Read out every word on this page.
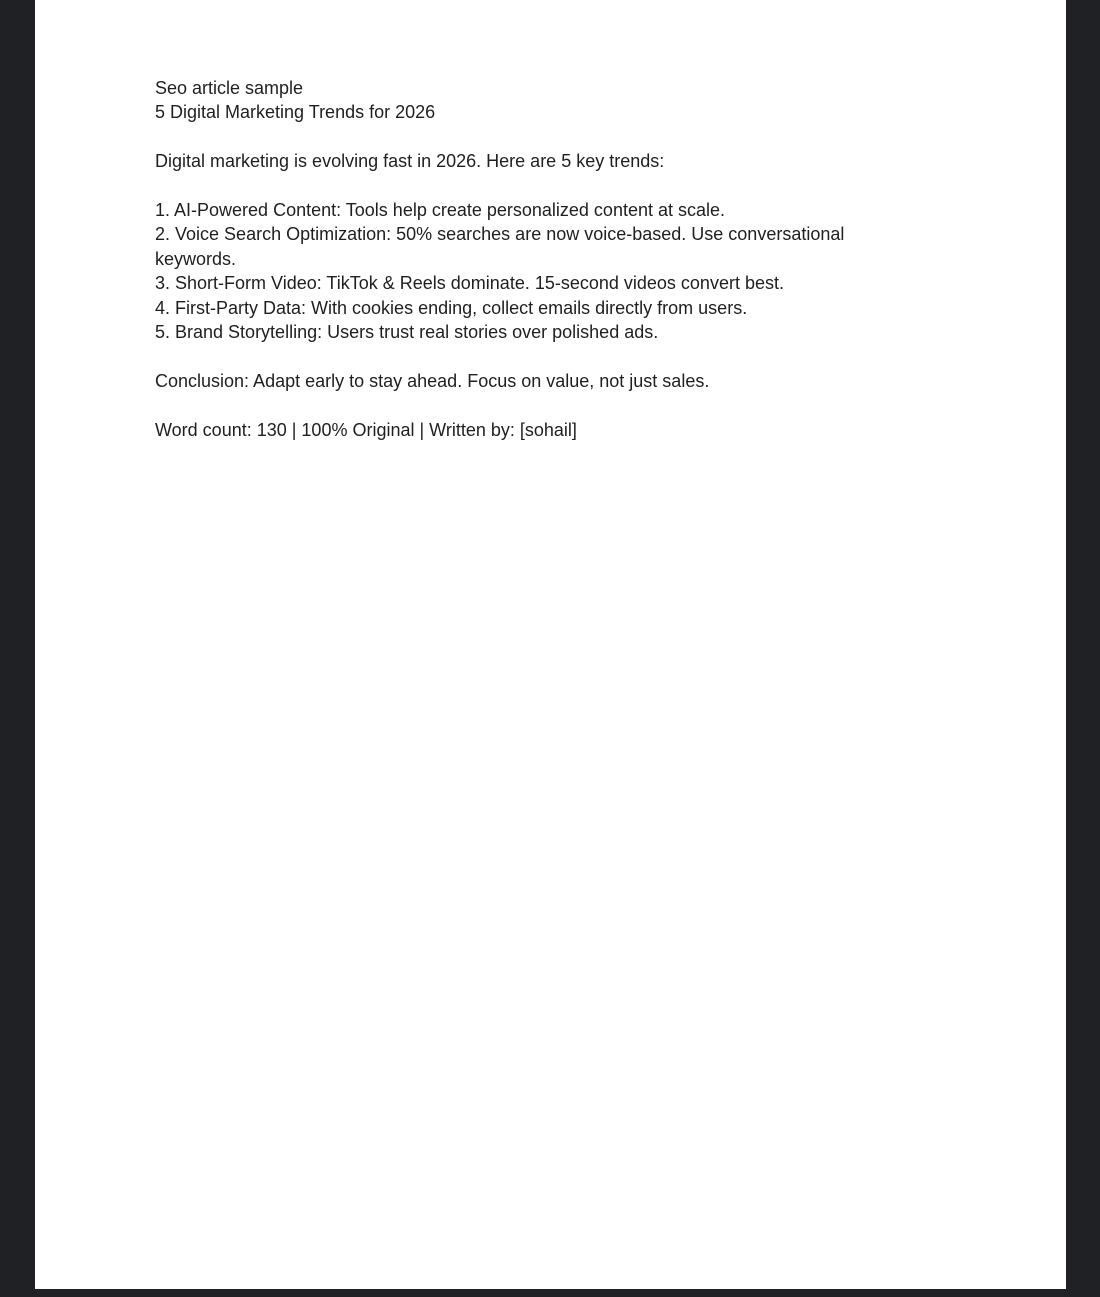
Seo article sample

5 Digital Marketing Trends for 2026

Digital marketing is evolving fast in 2026. Here are 5 key trends:

1. AI-Powered Content: Tools help create personalized content at scale.
2. Voice Search Optimization: 50% searches are now voice-based. Use conversational keywords.
3. Short-Form Video: TikTok & Reels dominate. 15-second videos convert best.
4. First-Party Data: With cookies ending, collect emails directly from users.
5. Brand Storytelling: Users trust real stories over polished ads.

Conclusion: Adapt early to stay ahead. Focus on value, not just sales.

Word count: 130 | 100% Original | Written by: [sohail]
